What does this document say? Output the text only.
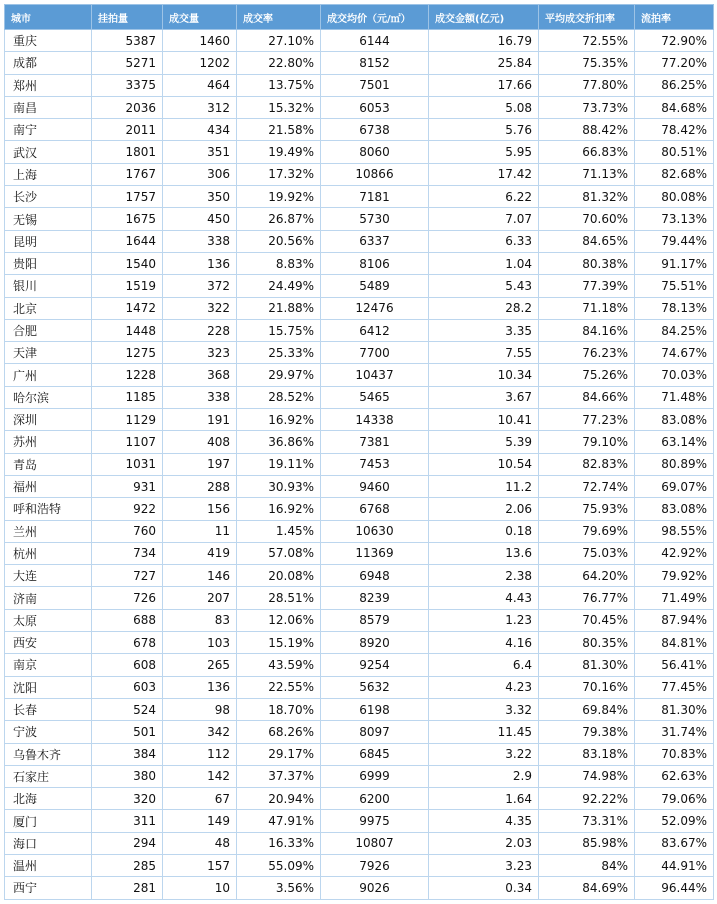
城市	挂拍量	成交量	成交率	成交均价（元/㎡）	成交金额(亿元)	平均成交折扣率	流拍率
重庆	5387	1460	27.10%	6144	16.79	72.55%	72.90%
成都	5271	1202	22.80%	8152	25.84	75.35%	77.20%
郑州	3375	464	13.75%	7501	17.66	77.80%	86.25%
南昌	2036	312	15.32%	6053	5.08	73.73%	84.68%
南宁	2011	434	21.58%	6738	5.76	88.42%	78.42%
武汉	1801	351	19.49%	8060	5.95	66.83%	80.51%
上海	1767	306	17.32%	10866	17.42	71.13%	82.68%
长沙	1757	350	19.92%	7181	6.22	81.32%	80.08%
无锡	1675	450	26.87%	5730	7.07	70.60%	73.13%
昆明	1644	338	20.56%	6337	6.33	84.65%	79.44%
贵阳	1540	136	8.83%	8106	1.04	80.38%	91.17%
银川	1519	372	24.49%	5489	5.43	77.39%	75.51%
北京	1472	322	21.88%	12476	28.2	71.18%	78.13%
合肥	1448	228	15.75%	6412	3.35	84.16%	84.25%
天津	1275	323	25.33%	7700	7.55	76.23%	74.67%
广州	1228	368	29.97%	10437	10.34	75.26%	70.03%
哈尔滨	1185	338	28.52%	5465	3.67	84.66%	71.48%
深圳	1129	191	16.92%	14338	10.41	77.23%	83.08%
苏州	1107	408	36.86%	7381	5.39	79.10%	63.14%
青岛	1031	197	19.11%	7453	10.54	82.83%	80.89%
福州	931	288	30.93%	9460	11.2	72.74%	69.07%
呼和浩特	922	156	16.92%	6768	2.06	75.93%	83.08%
兰州	760	11	1.45%	10630	0.18	79.69%	98.55%
杭州	734	419	57.08%	11369	13.6	75.03%	42.92%
大连	727	146	20.08%	6948	2.38	64.20%	79.92%
济南	726	207	28.51%	8239	4.43	76.77%	71.49%
太原	688	83	12.06%	8579	1.23	70.45%	87.94%
西安	678	103	15.19%	8920	4.16	80.35%	84.81%
南京	608	265	43.59%	9254	6.4	81.30%	56.41%
沈阳	603	136	22.55%	5632	4.23	70.16%	77.45%
长春	524	98	18.70%	6198	3.32	69.84%	81.30%
宁波	501	342	68.26%	8097	11.45	79.38%	31.74%
乌鲁木齐	384	112	29.17%	6845	3.22	83.18%	70.83%
石家庄	380	142	37.37%	6999	2.9	74.98%	62.63%
北海	320	67	20.94%	6200	1.64	92.22%	79.06%
厦门	311	149	47.91%	9975	4.35	73.31%	52.09%
海口	294	48	16.33%	10807	2.03	85.98%	83.67%
温州	285	157	55.09%	7926	3.23	84%	44.91%
西宁	281	10	3.56%	9026	0.34	84.69%	96.44%
